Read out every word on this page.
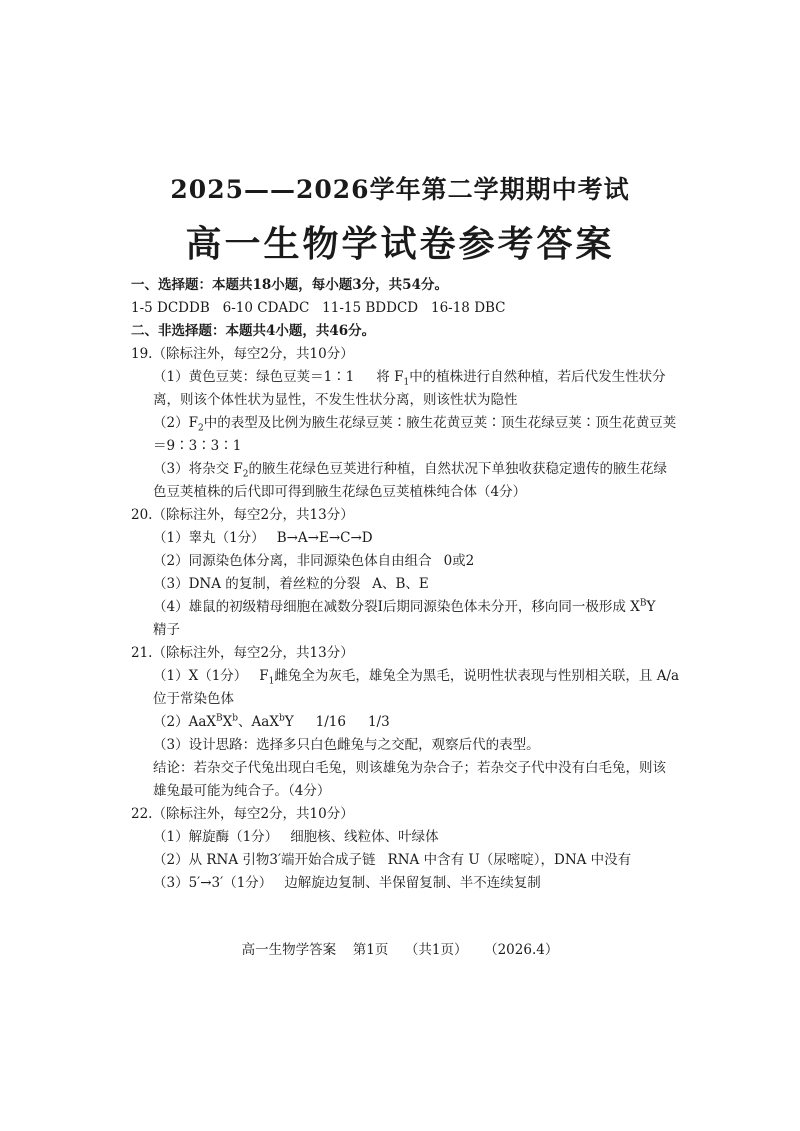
2025——2026学年第二学期期中考试
高一生物学试卷参考答案
一、选择题：本题共18小题，每小题3分，共54分。
1-5 DCDDB   6-10 CDADC   11-15 BDDCD   16-18 DBC
二、非选择题：本题共4小题，共46分。
19.（除标注外，每空2分，共10分）
（1）黄色豆荚：绿色豆荚＝1∶1 将 $F_1$中的植株进行自然种植，若后代发生性状分
离，则该个体性状为显性，不发生性状分离，则该性状为隐性
$(2)F_2$中的表型及比例为腋生花绿豆荚∶腋生花黄豆荚∶顶生花绿豆荚∶顶生花黄豆荚
＝9∶3∶3∶1
（3）将杂交 $F_2$的腋生花绿色豆荚进行种植，自然状况下单独收获稳定遗传的腋生花绿
色豆荚植株的后代即可得到腋生花绿色豆荚植株纯合体（4分）
20.（除标注外，每空2分，共13分）
（1）睾丸（1分） B→A→E→C→D
（2）同源染色体分离，非同源染色体自由组合 0或2
（3）DNA 的复制，着丝粒的分裂 A、B、E
（4）雄鼠的初级精母细胞在减数分裂Ⅰ后期同源染色体未分开，移向同一极形成 $X^BY$
精子
21.（除标注外，每空2分，共13分）
（1）X（1分） $F_1$雌兔全为灰毛，雄兔全为黑毛，说明性状表现与性别相关联，且 A/a
位于常染色体
$(2)AaX^BX^b$、AaX$^b$Y 1/16 1/3
（3）设计思路：选择多只白色雌兔与之交配，观察后代的表型。
结论：若杂交子代兔出现白毛兔，则该雄兔为杂合子；若杂交子代中没有白毛兔，则该
雄兔最可能为纯合子。（4分）
22.（除标注外，每空2分，共10分）
（1）解旋酶（1分） 细胞核、线粒体、叶绿体
（2）从 RNA 引物3′端开始合成子链 RNA 中含有 U（尿嘧啶），DNA 中没有
（3）5′→3′（1分） 边解旋边复制、半保留复制、半不连续复制
高一生物学答案  第1页  （共1页）  （2026.4）
